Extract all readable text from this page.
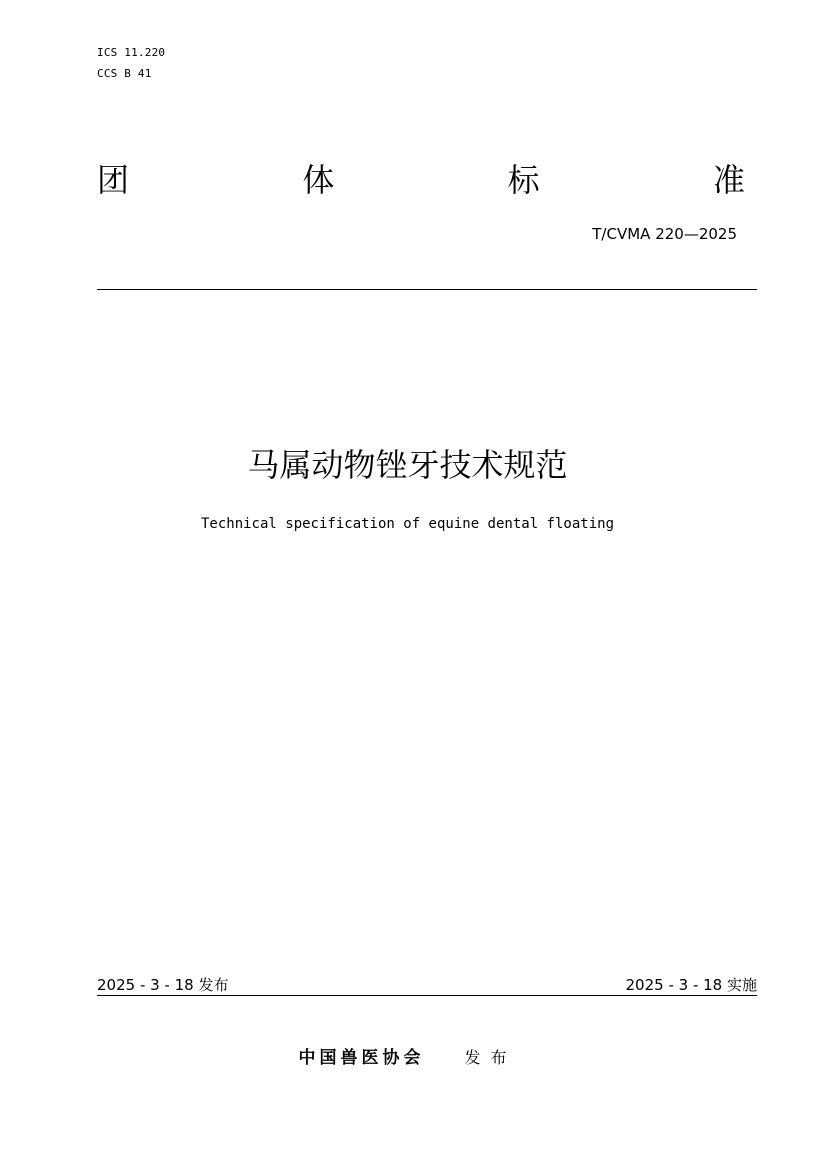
ICS 11.220
CCS B 41
团	体	标	准
T/CVMA 220—2025
马属动物锉牙技术规范
Technical specification of equine dental floating
2025 - 3 - 18 发布	2025 - 3 - 18 实施
中国兽医协会	发布
